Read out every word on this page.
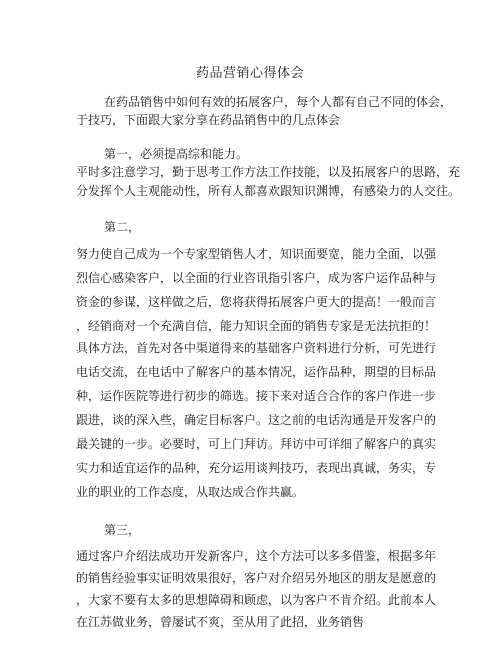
药品营销心得体会
在药品销售中如何有效的拓展客户，每个人都有自己不同的体会，
于技巧，下面跟大家分享在药品销售中的几点体会
第一，必须提高综和能力。
平时多注意学习，勤于思考工作方法工作技能，以及拓展客户的思路，充
分发挥个人主观能动性，所有人都喜欢跟知识渊博，有感染力的人交往。
第二，
努力使自己成为一个专家型销售人才，知识面要宽，能力全面，以强
烈信心感染客户，以全面的行业咨讯指引客户，成为客户运作品种与
资金的参谋，这样做之后，您将获得拓展客户更大的提高！一般而言
，经销商对一个充满自信，能力知识全面的销售专家是无法抗拒的！
具体方法，首先对各中渠道得来的基础客户资料进行分析，可先进行
电话交流，在电话中了解客户的基本情况，运作品种，期望的目标品
种，运作医院等进行初步的筛选。接下来对适合合作的客户作进一步
跟进，谈的深入些，确定目标客户。这之前的电话沟通是开发客户的
最关键的一步。必要时，可上门拜访。拜访中可详细了解客户的真实
实力和适宜运作的品种，充分运用谈判技巧，表现出真诚，务实，专
业的职业的工作态度，从取达成合作共赢。
第三，
通过客户介绍法成功开发新客户，这个方法可以多多借鉴，根据多年
的销售经验事实证明效果很好，客户对介绍另外地区的朋友是愿意的
，大家不要有太多的思想障碍和顾虑，以为客户不肯介绍。此前本人
在江苏做业务，曾屡试不爽，至从用了此招，业务销售
